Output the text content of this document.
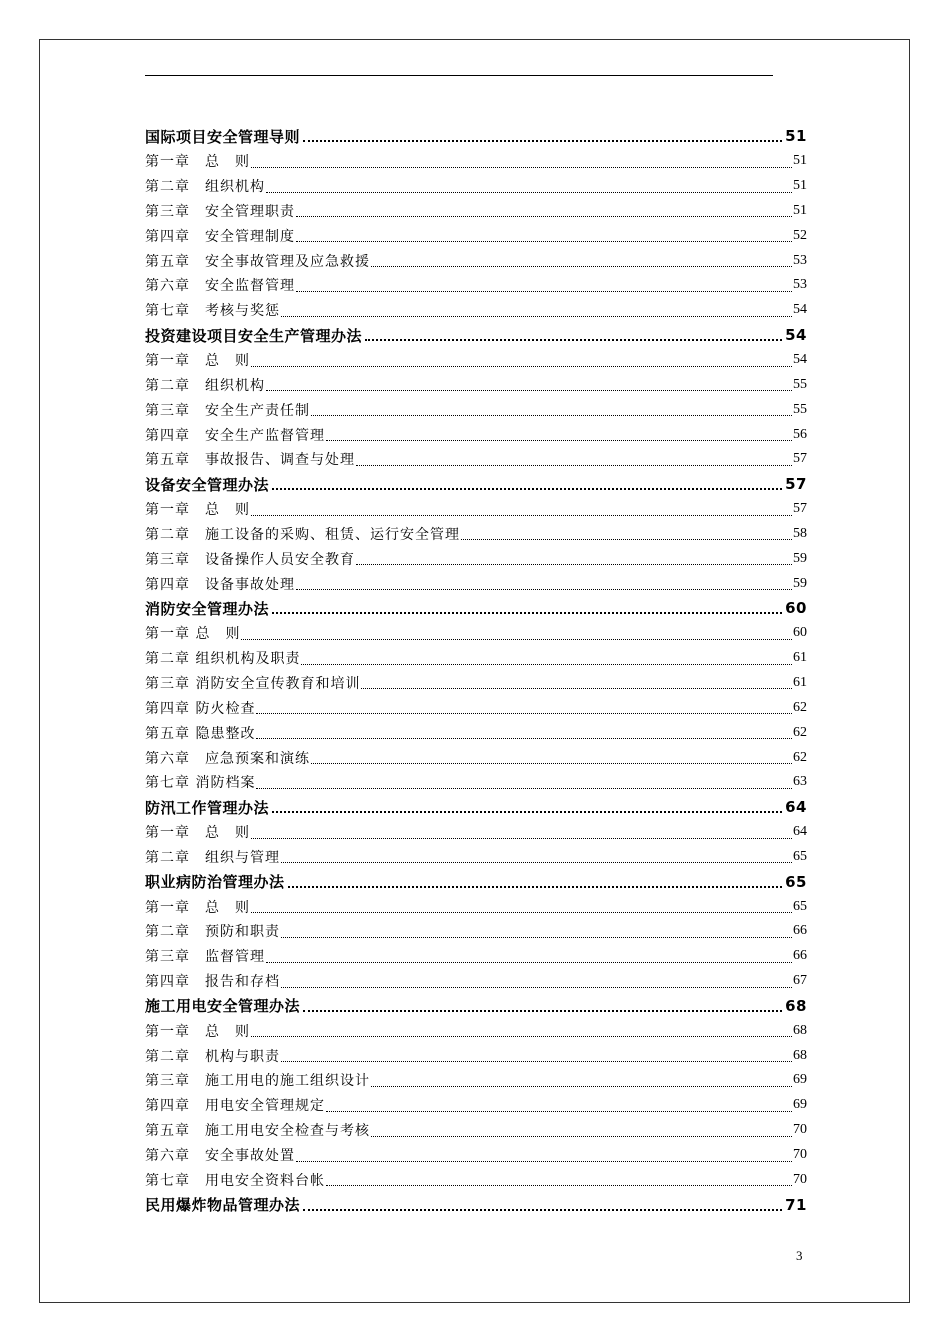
国际项目安全管理导则	51
第一章　总　则	51
第二章　组织机构	51
第三章　安全管理职责	51
第四章　安全管理制度	52
第五章　安全事故管理及应急救援	53
第六章　安全监督管理	53
第七章　考核与奖惩	54
投资建设项目安全生产管理办法	54
第一章　总　则	54
第二章　组织机构	55
第三章　安全生产责任制	55
第四章　安全生产监督管理	56
第五章　事故报告、调查与处理	57
设备安全管理办法	57
第一章　总　则	57
第二章　施工设备的采购、租赁、运行安全管理	58
第三章　设备操作人员安全教育	59
第四章　设备事故处理	59
消防安全管理办法	60
第一章 总　则	60
第二章 组织机构及职责	61
第三章 消防安全宣传教育和培训	61
第四章 防火检查	62
第五章 隐患整改	62
第六章　应急预案和演练	62
第七章 消防档案	63
防汛工作管理办法	64
第一章　总　则	64
第二章　组织与管理	65
职业病防治管理办法	65
第一章　总　则	65
第二章　预防和职责	66
第三章　监督管理	66
第四章　报告和存档	67
施工用电安全管理办法	68
第一章　总　则	68
第二章　机构与职责	68
第三章　施工用电的施工组织设计	69
第四章　用电安全管理规定	69
第五章　施工用电安全检查与考核	70
第六章　安全事故处置	70
第七章　用电安全资料台帐	70
民用爆炸物品管理办法	71
3
